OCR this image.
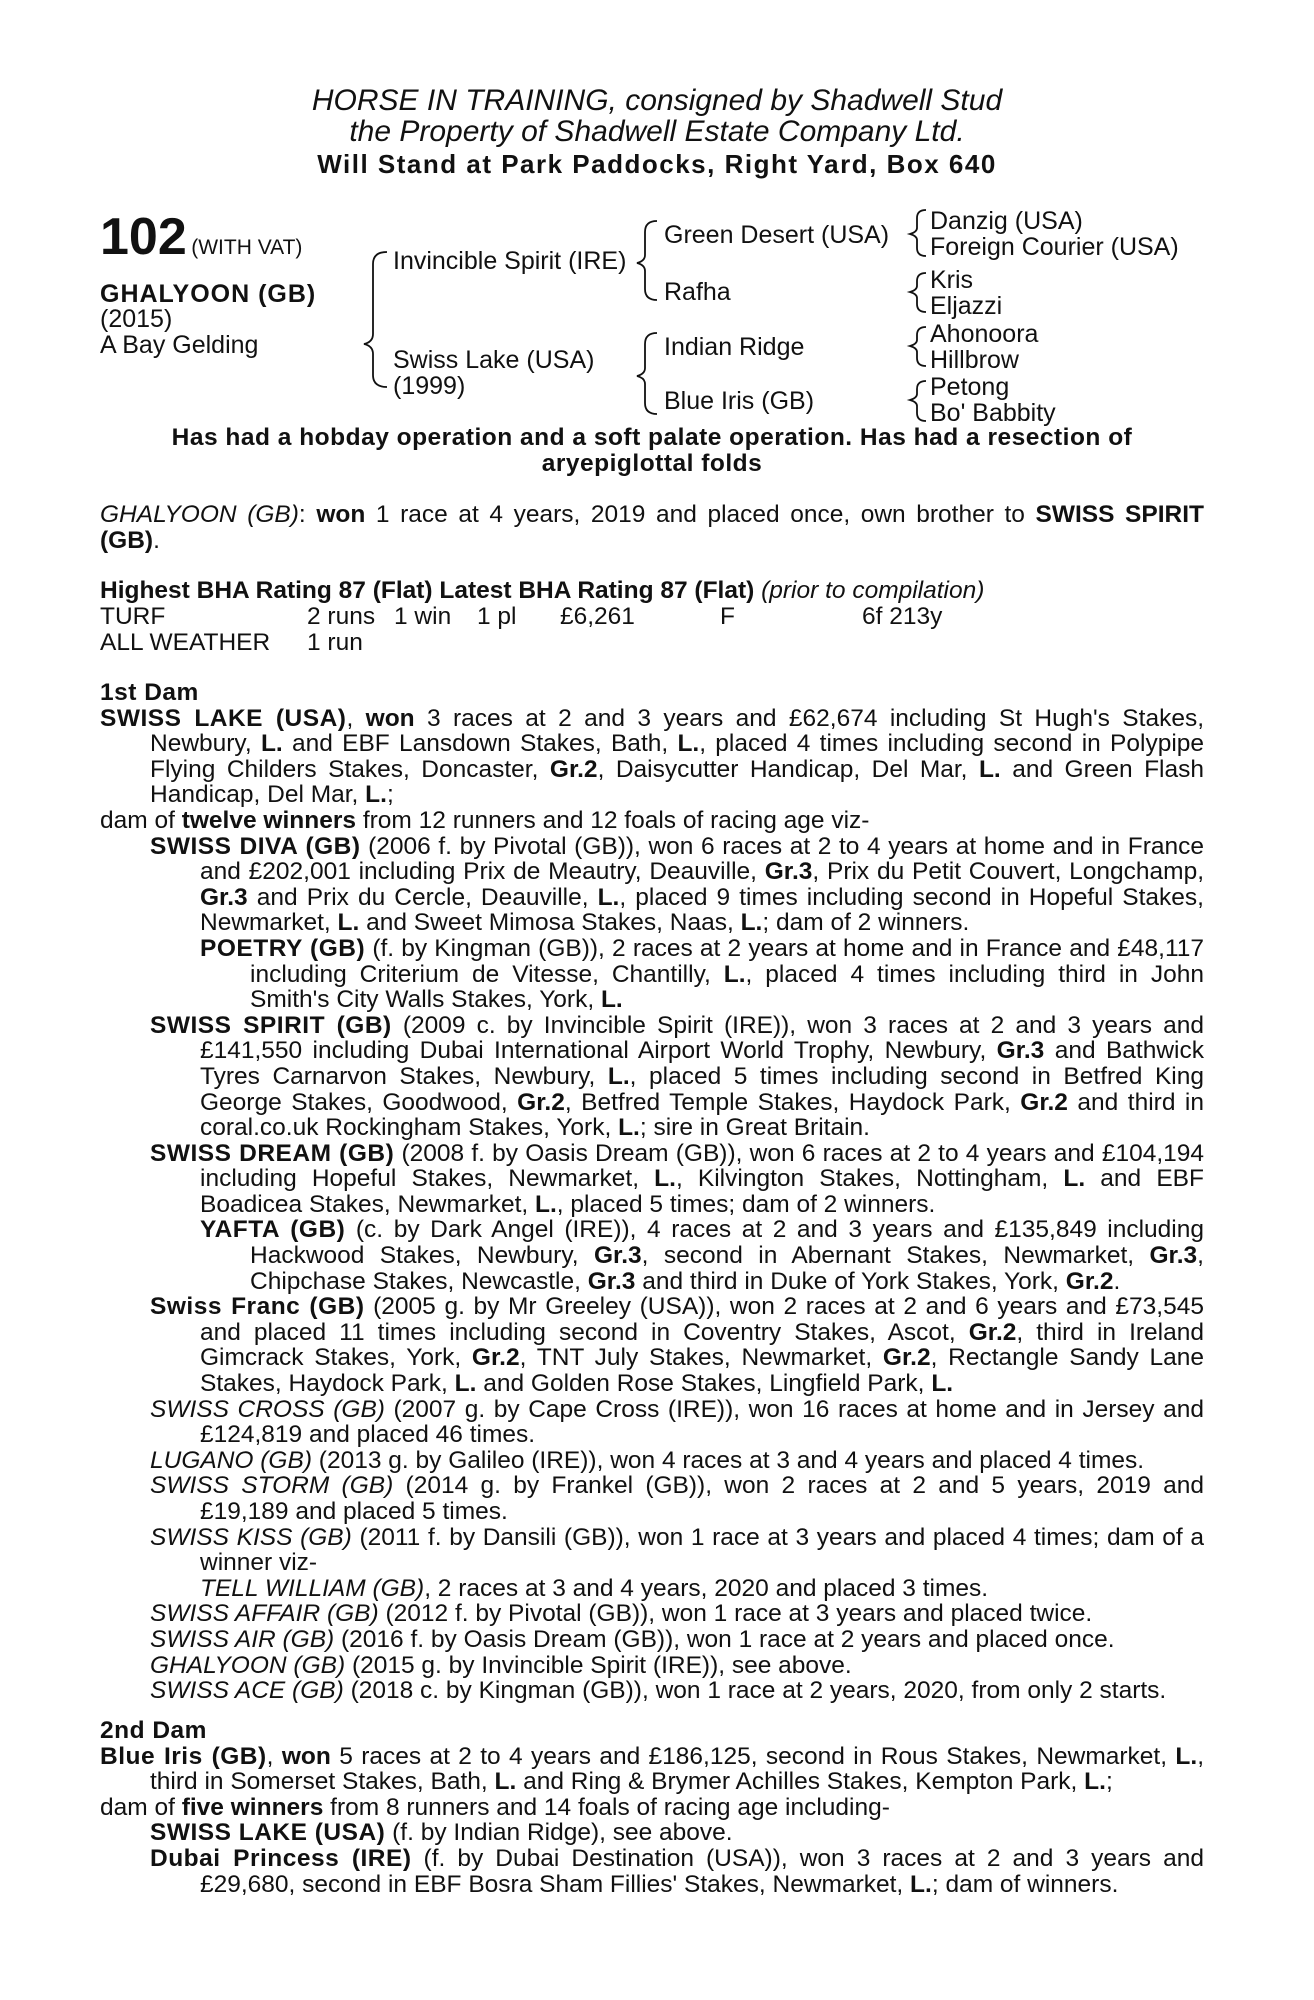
HORSE IN TRAINING, consigned by Shadwell Stud
the Property of Shadwell Estate Company Ltd.
Will Stand at Park Paddocks, Right Yard, Box 640
102 (WITH VAT)
GHALYOON (GB)
(2015)
A Bay Gelding
Invincible Spirit (IRE)
Swiss Lake (USA)
(1999)
Green Desert (USA)
Rafha
Indian Ridge
Blue Iris (GB)
Danzig (USA)
Foreign Courier (USA)
Kris
Eljazzi
Ahonoora
Hillbrow
Petong
Bo' Babbity
Has had a hobday operation and a soft palate operation. Has had a resection of aryepiglottal folds
GHALYOON (GB): won 1 race at 4 years, 2019 and placed once, own brother to SWISS SPIRIT (GB).
Highest BHA Rating 87 (Flat) Latest BHA Rating 87 (Flat) (prior to compilation)
TURF	2 runs 1 win 1 pl £6,261	F	6f 213y
ALL WEATHER 1 run

1st Dam

SWISS LAKE (USA), won 3 races at 2 and 3 years and £62,674 including St Hugh's Stakes, Newbury, L. and EBF Lansdown Stakes, Bath, L., placed 4 times including second in Polypipe Flying Childers Stakes, Doncaster, Gr.2, Daisycutter Handicap, Del Mar, L. and Green Flash Handicap, Del Mar, L.;

dam of twelve winners from 12 runners and 12 foals of racing age viz-

SWISS DIVA (GB) (2006 f. by Pivotal (GB)), won 6 races at 2 to 4 years at home and in France and £202,001 including Prix de Meautry, Deauville, Gr.3, Prix du Petit Couvert, Longchamp, Gr.3 and Prix du Cercle, Deauville, L., placed 9 times including second in Hopeful Stakes, Newmarket, L. and Sweet Mimosa Stakes, Naas, L.; dam of 2 winners.

POETRY (GB) (f. by Kingman (GB)), 2 races at 2 years at home and in France and £48,117 including Criterium de Vitesse, Chantilly, L., placed 4 times including third in John Smith's City Walls Stakes, York, L.

SWISS SPIRIT (GB) (2009 c. by Invincible Spirit (IRE)), won 3 races at 2 and 3 years and £141,550 including Dubai International Airport World Trophy, Newbury, Gr.3 and Bathwick Tyres Carnarvon Stakes, Newbury, L., placed 5 times including second in Betfred King George Stakes, Goodwood, Gr.2, Betfred Temple Stakes, Haydock Park, Gr.2 and third in coral.co.uk Rockingham Stakes, York, L.; sire in Great Britain.

SWISS DREAM (GB) (2008 f. by Oasis Dream (GB)), won 6 races at 2 to 4 years and £104,194 including Hopeful Stakes, Newmarket, L., Kilvington Stakes, Nottingham, L. and EBF Boadicea Stakes, Newmarket, L., placed 5 times; dam of 2 winners.

YAFTA (GB) (c. by Dark Angel (IRE)), 4 races at 2 and 3 years and £135,849 including Hackwood Stakes, Newbury, Gr.3, second in Abernant Stakes, Newmarket, Gr.3, Chipchase Stakes, Newcastle, Gr.3 and third in Duke of York Stakes, York, Gr.2.

Swiss Franc (GB) (2005 g. by Mr Greeley (USA)), won 2 races at 2 and 6 years and £73,545 and placed 11 times including second in Coventry Stakes, Ascot, Gr.2, third in Ireland Gimcrack Stakes, York, Gr.2, TNT July Stakes, Newmarket, Gr.2, Rectangle Sandy Lane Stakes, Haydock Park, L. and Golden Rose Stakes, Lingfield Park, L.

SWISS CROSS (GB) (2007 g. by Cape Cross (IRE)), won 16 races at home and in Jersey and £124,819 and placed 46 times.

LUGANO (GB) (2013 g. by Galileo (IRE)), won 4 races at 3 and 4 years and placed 4 times.

SWISS STORM (GB) (2014 g. by Frankel (GB)), won 2 races at 2 and 5 years, 2019 and £19,189 and placed 5 times.

SWISS KISS (GB) (2011 f. by Dansili (GB)), won 1 race at 3 years and placed 4 times; dam of a winner viz-

TELL WILLIAM (GB), 2 races at 3 and 4 years, 2020 and placed 3 times.

SWISS AFFAIR (GB) (2012 f. by Pivotal (GB)), won 1 race at 3 years and placed twice.

SWISS AIR (GB) (2016 f. by Oasis Dream (GB)), won 1 race at 2 years and placed once.

GHALYOON (GB) (2015 g. by Invincible Spirit (IRE)), see above.

SWISS ACE (GB) (2018 c. by Kingman (GB)), won 1 race at 2 years, 2020, from only 2 starts.

2nd Dam

Blue Iris (GB), won 5 races at 2 to 4 years and £186,125, second in Rous Stakes, Newmarket, L., third in Somerset Stakes, Bath, L. and Ring & Brymer Achilles Stakes, Kempton Park, L.;

dam of five winners from 8 runners and 14 foals of racing age including-

SWISS LAKE (USA) (f. by Indian Ridge), see above.

Dubai Princess (IRE) (f. by Dubai Destination (USA)), won 3 races at 2 and 3 years and £29,680, second in EBF Bosra Sham Fillies' Stakes, Newmarket, L.; dam of winners.
